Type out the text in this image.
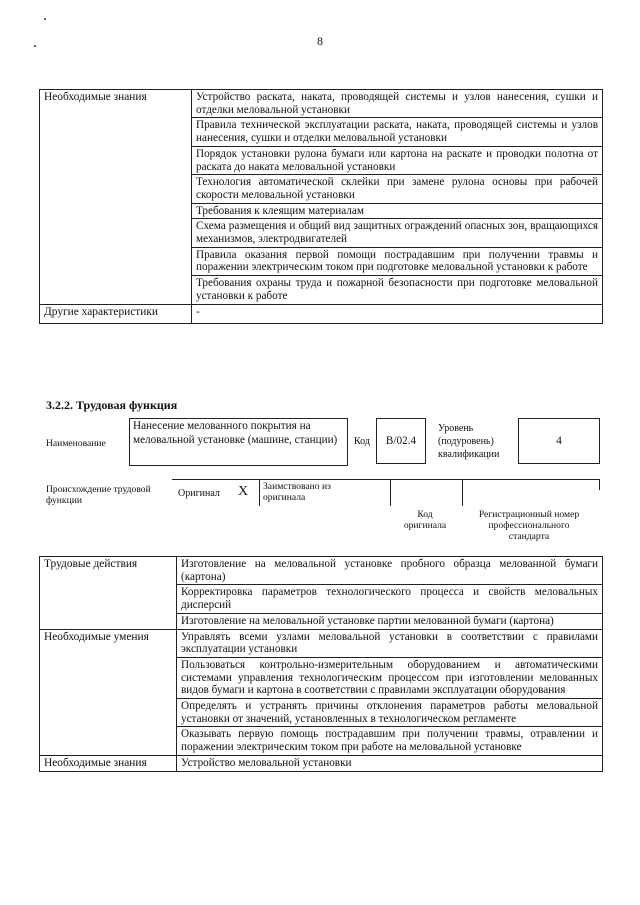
8
Необходимые знания	Устройство раската, наката, проводящей системы и узлов нанесения, сушки и отделки меловальной установки
	Правила технической эксплуатации раската, наката, проводящей системы и узлов нанесения, сушки и отделки меловальной установки
	Порядок установки рулона бумаги или картона на раскате и проводки полотна от раската до наката меловальной установки
	Технология автоматической склейки при замене рулона основы при рабочей скорости меловальной установки
	Требования к клеящим материалам
	Схема размещения и общий вид защитных ограждений опасных зон, вращающихся механизмов, электродвигателей
	Правила оказания первой помощи пострадавшим при получении травмы и поражении электрическим током при подготовке меловальной установки к работе
	Требования охраны труда и пожарной безопасности при подготовке меловальной установки к работе
Другие характеристики	-
3.2.2. Трудовая функция
Наименование
Нанесение мелованного покрытия на меловальной установке (машине, станции)	Код	B/02.4
Уровень (подуровень) квалификации
4
Происхождение трудовой функции
Оригинал X Заимствовано из оригинала
Код оригинала
Регистрационный номер профессионального стандарта
Трудовые действия	Изготовление на меловальной установке пробного образца мелованной бумаги (картона)
	Корректировка параметров технологического процесса и свойств меловальных дисперсий
	Изготовление на меловальной установке партии мелованной бумаги (картона)
Необходимые умения	Управлять всеми узлами меловальной установки в соответствии с правилами эксплуатации установки
	Пользоваться контрольно-измерительным оборудованием и автоматическими системами управления технологическим процессом при изготовлении мелованных видов бумаги и картона в соответствии с правилами эксплуатации оборудования
	Определять и устранять причины отклонения параметров работы меловальной установки от значений, установленных в технологическом регламенте
	Оказывать первую помощь пострадавшим при получении травмы, отравлении и поражении электрическим током при работе на меловальной установке
Необходимые знания	Устройство меловальной установки
